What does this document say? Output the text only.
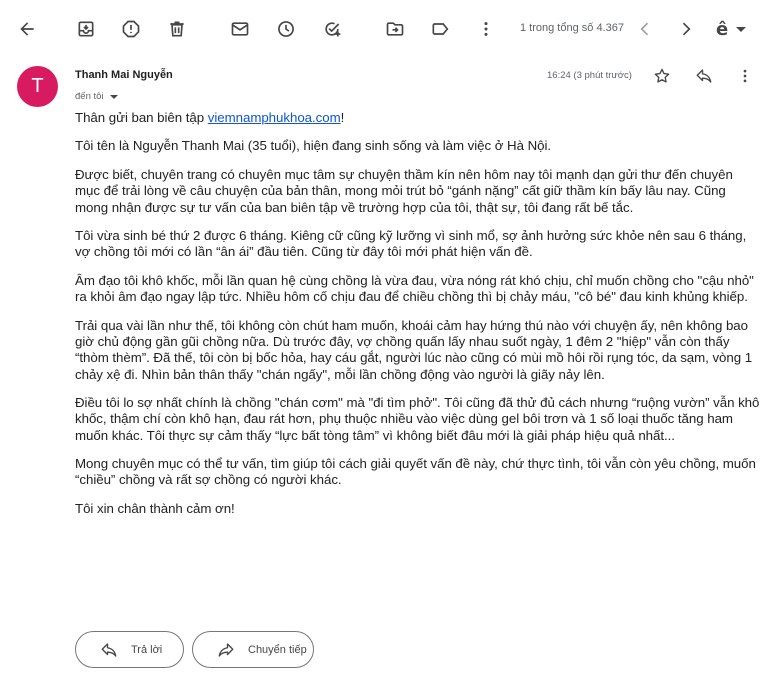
1 trong tổng số 4.367	ê
T	Thanh Mai Nguyễn
đến tôi
16:24 (3 phút trước)

Thân gửi ban biên tập viemnamphukhoa.com!

Tôi tên là Nguyễn Thanh Mai (35 tuổi), hiện đang sinh sống và làm việc ở Hà Nội.

Được biết, chuyên trang có chuyên mục tâm sự chuyện thầm kín nên hôm nay tôi mạnh dạn gửi thư đến chuyên mục để trải lòng về câu chuyện của bản thân, mong mỏi trút bỏ “gánh nặng” cất giữ thầm kín bấy lâu nay. Cũng mong nhận được sự tư vấn của ban biên tập về trường hợp của tôi, thật sự, tôi đang rất bế tắc.

Tôi vừa sinh bé thứ 2 được 6 tháng. Kiêng cữ cũng kỹ lưỡng vì sinh mổ, sợ ảnh hưởng sức khỏe nên sau 6 tháng, vợ chồng tôi mới có lần “ân ái” đầu tiên. Cũng từ đây tôi mới phát hiện vấn đề.

Âm đạo tôi khô khốc, mỗi lần quan hệ cùng chồng là vừa đau, vừa nóng rát khó chịu, chỉ muốn chồng cho "cậu nhỏ" ra khỏi âm đạo ngay lập tức. Nhiều hôm cố chịu đau để chiều chồng thì bị chảy máu, "cô bé" đau kinh khủng khiếp.

Trải qua vài lần như thế, tôi không còn chút ham muốn, khoái cảm hay hứng thú nào với chuyện ấy, nên không bao giờ chủ động gần gũi chồng nữa. Dù trước đây, vợ chồng quấn lấy nhau suốt ngày, 1 đêm 2 "hiệp" vẫn còn thấy “thòm thèm”. Đã thế, tôi còn bị bốc hỏa, hay cáu gắt, người lúc nào cũng có mùi mồ hôi rồi rụng tóc, da sạm, vòng 1 chảy xệ đi. Nhìn bản thân thấy "chán ngấy", mỗi lần chồng động vào người là giãy nảy lên.

Điều tôi lo sợ nhất chính là chồng "chán cơm" mà "đi tìm phở". Tôi cũng đã thử đủ cách nhưng “ruộng vườn” vẫn khô khốc, thậm chí còn khô hạn, đau rát hơn, phụ thuộc nhiều vào việc dùng gel bôi trơn và 1 số loại thuốc tăng ham muốn khác. Tôi thực sự cảm thấy “lực bất tòng tâm” vì không biết đâu mới là giải pháp hiệu quả nhất...

Mong chuyên mục có thể tư vấn, tìm giúp tôi cách giải quyết vấn đề này, chứ thực tình, tôi vẫn còn yêu chồng, muốn “chiều” chồng và rất sợ chồng có người khác.

Tôi xin chân thành cảm ơn!

Trả lời	Chuyển tiếp
